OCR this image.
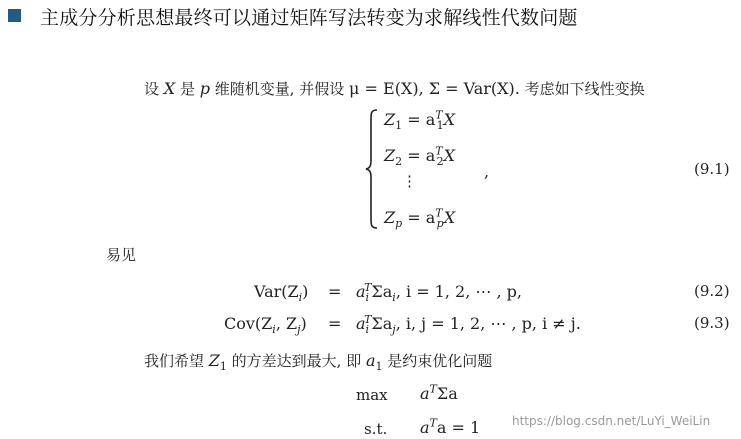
主成分分析思想最终可以通过矩阵写法转变为求解线性代数问题
设 X 是 p 维随机变量, 并假设 μ = E(X), Σ = Var(X). 考虑如下线性变换
$Z_1 = a^T_1X$
$Z_2 = a^T_2X$
⋮
$Z_p = a^T_pX$
,	(9.1)
易见
$Var(Z_i) = a_i^T\Sigma a_i$, i = 1, 2, ⋯ , p,	(9.2)
$Cov(Z_i$, $Z_j) = a_i^T\Sigma a_j$, i, j = 1, 2, ⋯ , p, i ≠ j.	(9.3)
我们希望 $Z_1$ 的方差达到最大, 即 $a_1$ 是约束优化问题
$\max a^T\Sigma a$
s.t. $a^Ta = 1$	https://blog.csdn.net/LuYi_WeiLin
